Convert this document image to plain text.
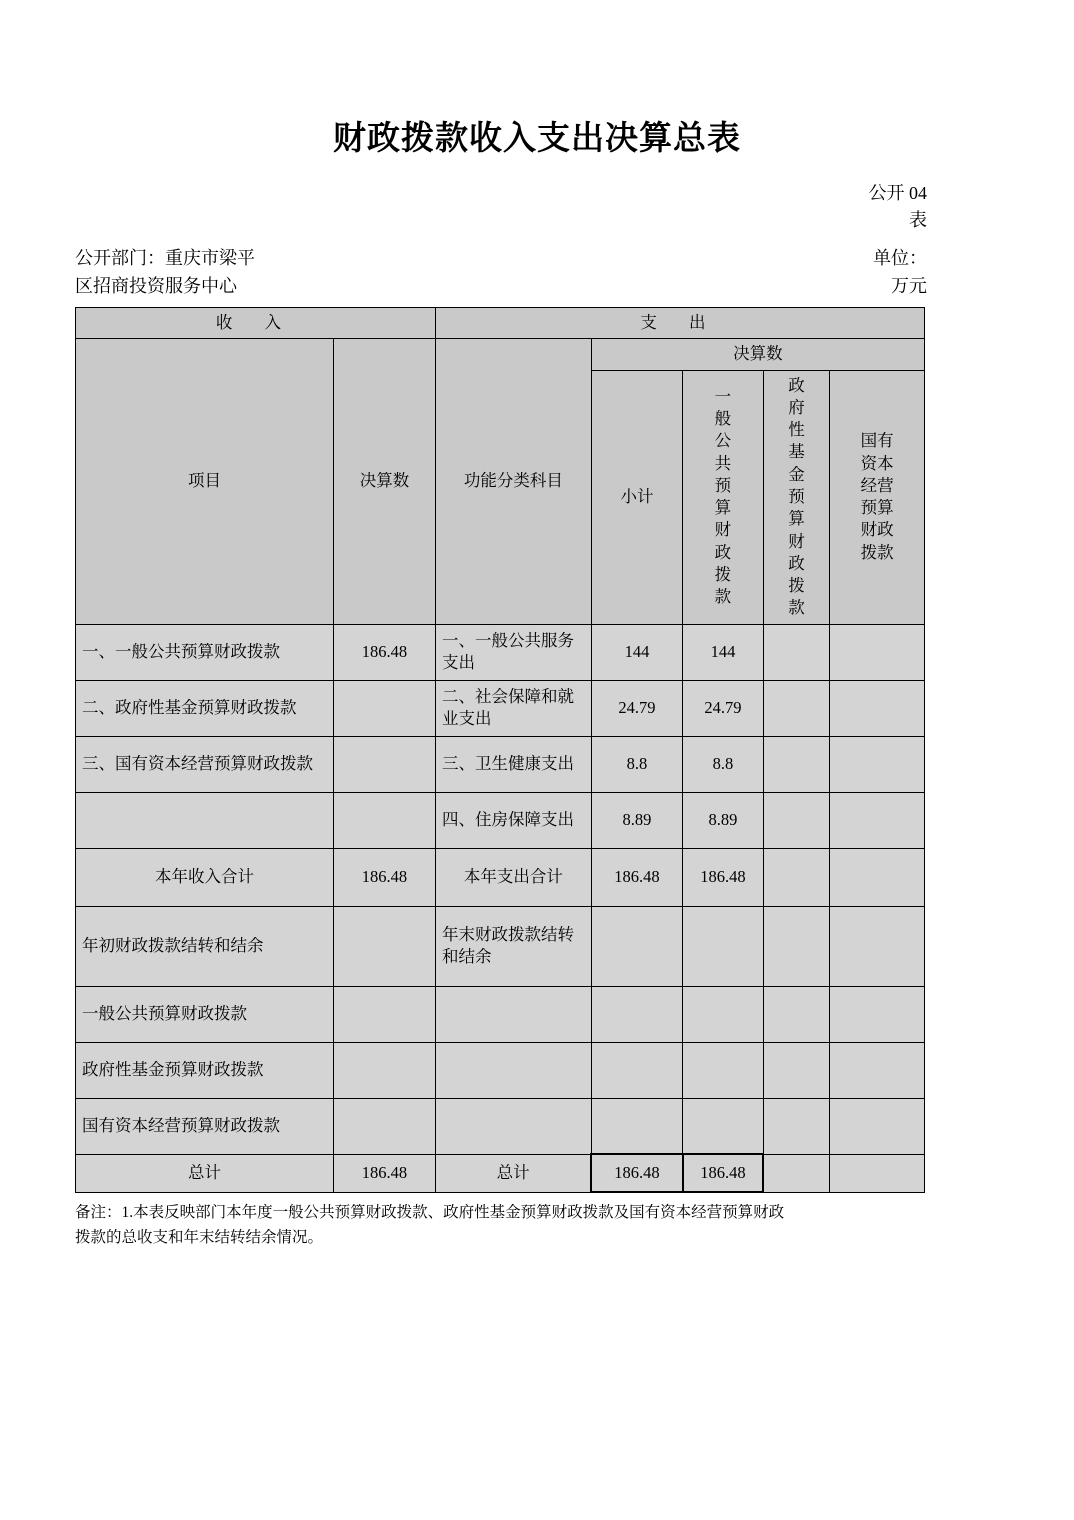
财政拨款收入支出决算总表
公开 04
表
公开部门：重庆市梁平
区招商投资服务中心
单位：
万元
收 入		支 出				
项目	决算数	功能分类科目	决算数			
			小计	一般公共预算财政拨款	政府性基金预算财政拨款	国有资本经营预算财政拨款

一、一般公共预算财政拨款	186.48	一、一般公共服务支出	144	144		
二、政府性基金预算财政拨款		二、社会保障和就业支出	24.79	24.79		
三、国有资本经营预算财政拨款		三、卫生健康支出	8.8	8.8		
		四、住房保障支出	8.89	8.89		
本年收入合计	186.48	本年支出合计	186.48	186.48		
年初财政拨款结转和结余		年末财政拨款结转和结余				
一般公共预算财政拨款						
政府性基金预算财政拨款						
国有资本经营预算财政拨款						
总计	186.48	总计	186.48	186.48		

备注：1.本表反映部门本年度一般公共预算财政拨款、政府性基金预算财政拨款及国有资本经营预算财政

拨款的总收支和年末结转结余情况。
